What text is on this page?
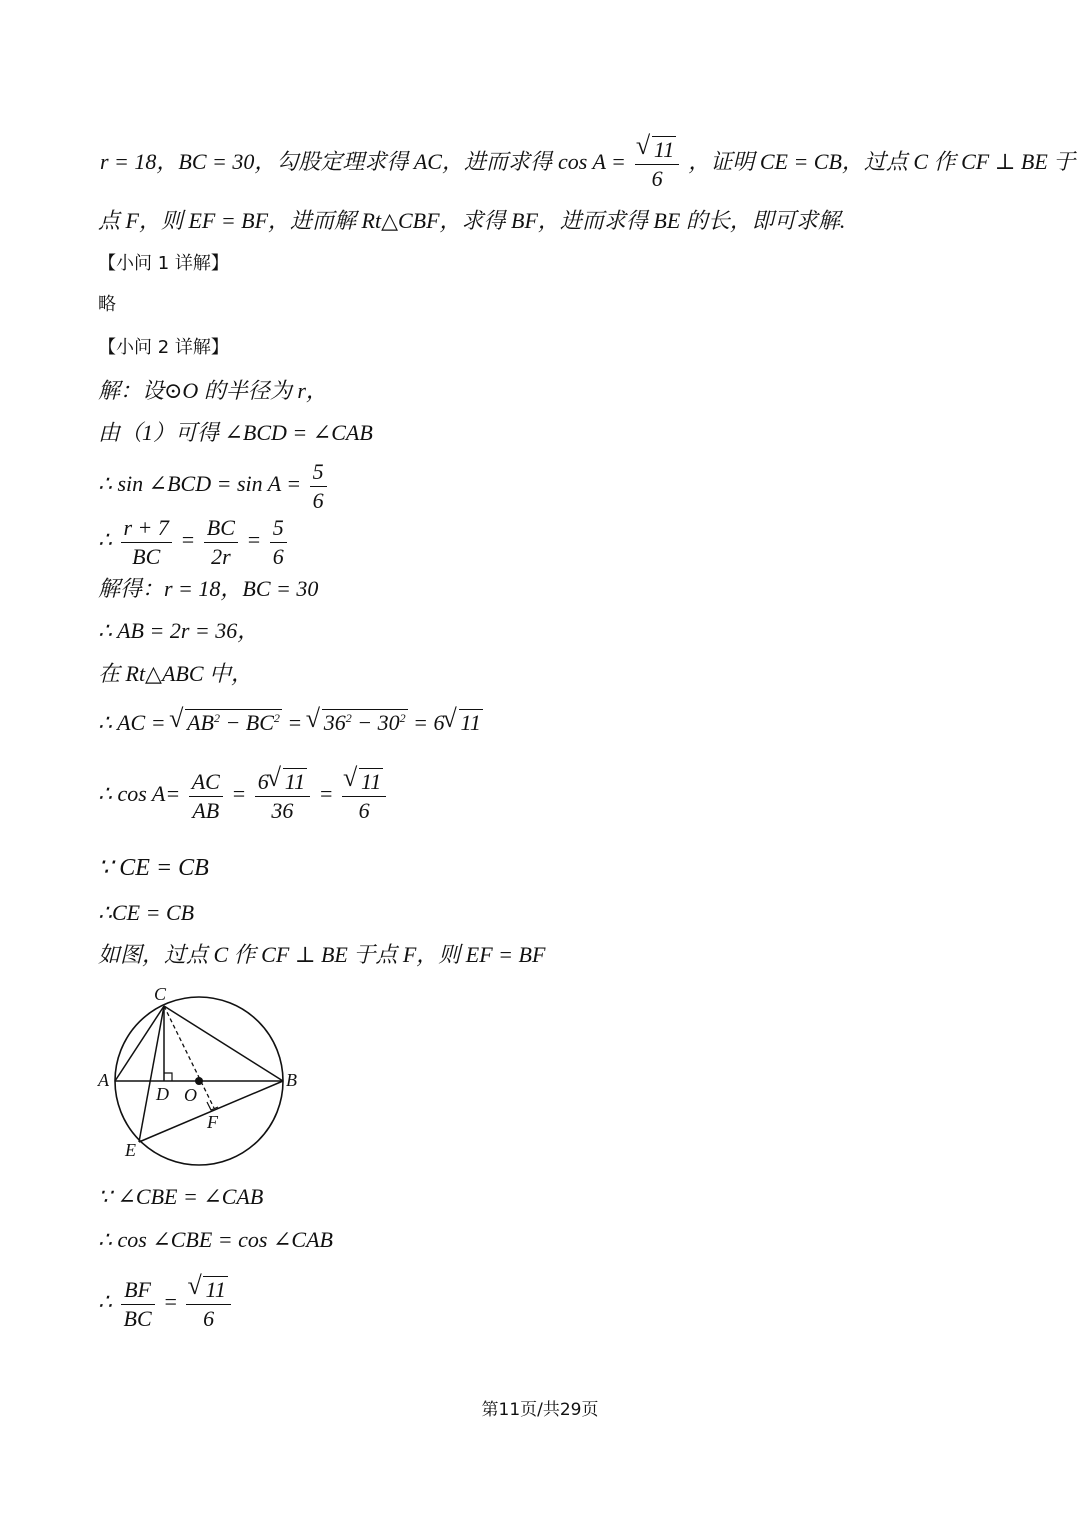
r = 18，BC = 30，勾股定理求得 AC，进而求得 cos A =
√ $\frac{11}{6}$ ，证明 CE = CB，过点 C 作 CF ⊥ BE 于
点 F，则 EF = BF，进而解 Rt△CBF，求得 BF，进而求得 BE 的长，即可求解.
【小问 1 详解】
略
【小问 2 详解】
解：设⊙O 的半径为 r，
由（1）可得 ∠BCD = ∠CAB
∴ sin ∠BCD = $\sin A = \frac{5}{6}$
∴ $\frac{r + 7}{BC} = \frac{BC}{2r} = \frac{5}{6}$
解得：r = 18，BC = 30
∴ AB = 2r = 36，
在 Rt△ABC 中，
∴ AC = √ $AB^2 - BC^2$ = √ $36^2 - 30^2 = 6√$ 11
∴ $\cos A= \frac{AC}{AB} = \frac{6√ 11}{36}$ =
√ $\frac{11}{6}$
∵ CE = CB
∴CE = CB
如图，过点 C 作 CF ⊥ BE 于点 F，则 EF = BF
C
A	B
D O
F
E
∵ ∠CBE = ∠CAB
∴ cos ∠CBE = cos ∠CAB
∴ $\frac{BF}{BC}$ =
√ $\frac{11}{6}$
第11页/共29页
